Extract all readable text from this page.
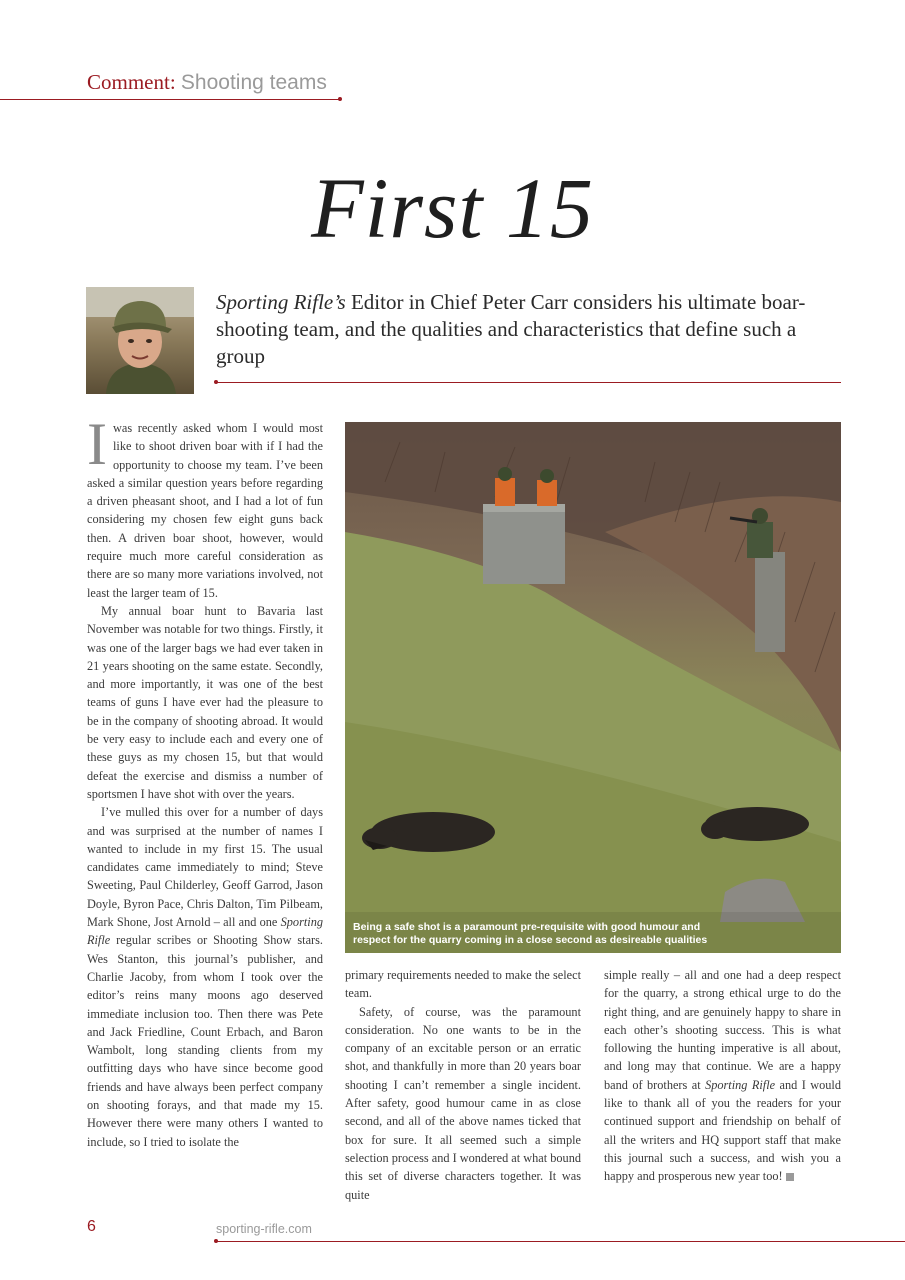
Comment: Shooting teams
First 15
Sporting Rifle’s Editor in Chief Peter Carr considers his ultimate boar-shooting team, and the qualities and characteristics that define such a group

Iwas recently asked whom I would most like to shoot driven boar with if I had the opportunity to choose my team. I’ve been asked a similar question years before regarding a driven pheasant shoot, and I had a lot of fun considering my chosen few eight guns back then. A driven boar shoot, however, would require much more careful consideration as there are so many more variations involved, not least the larger team of 15.

My annual boar hunt to Bavaria last November was notable for two things. Firstly, it was one of the larger bags we had ever taken in 21 years shooting on the same estate. Secondly, and more importantly, it was one of the best teams of guns I have ever had the pleasure to be in the company of shooting abroad. It would be very easy to include each and every one of these guys as my chosen 15, but that would defeat the exercise and dismiss a number of sportsmen I have shot with over the years.

I’ve mulled this over for a number of days and was surprised at the number of names I wanted to include in my first 15. The usual candidates came immediately to mind; Steve Sweeting, Paul Childerley, Geoff Garrod, Jason Doyle, Byron Pace, Chris Dalton, Tim Pilbeam, Mark Shone, Jost Arnold – all and one Sporting Rifle regular scribes or Shooting Show stars. Wes Stanton, this journal’s publisher, and Charlie Jacoby, from whom I took over the editor’s reins many moons ago deserved immediate inclusion too. Then there was Pete and Jack Friedline, Count Erbach, and Baron Wambolt, long standing clients from my outfitting days who have since become good friends and have always been perfect company on shooting forays, and that made my 15. However there were many others I wanted to include, so I tried to isolate the

Being a safe shot is a paramount pre-requisite with good humour and respect for the quarry coming in a close second as desireable qualities

primary requirements needed to make the select team.

Safety, of course, was the paramount consideration. No one wants to be in the company of an excitable person or an erratic shot, and thankfully in more than 20 years boar shooting I can’t remember a single incident. After safety, good humour came in as close second, and all of the above names ticked that box for sure. It all seemed such a simple selection process and I wondered at what bound this set of diverse characters together. It was quite

simple really – all and one had a deep respect for the quarry, a strong ethical urge to do the right thing, and are genuinely happy to share in each other’s shooting success. This is what following the hunting imperative is all about, and long may that continue. We are a happy band of brothers at Sporting Rifle and I would like to thank all of you the readers for your continued support and friendship on behalf of all the writers and HQ support staff that make this journal such a success, and wish you a happy and prosperous new year too!

6	sporting-rifle.com
